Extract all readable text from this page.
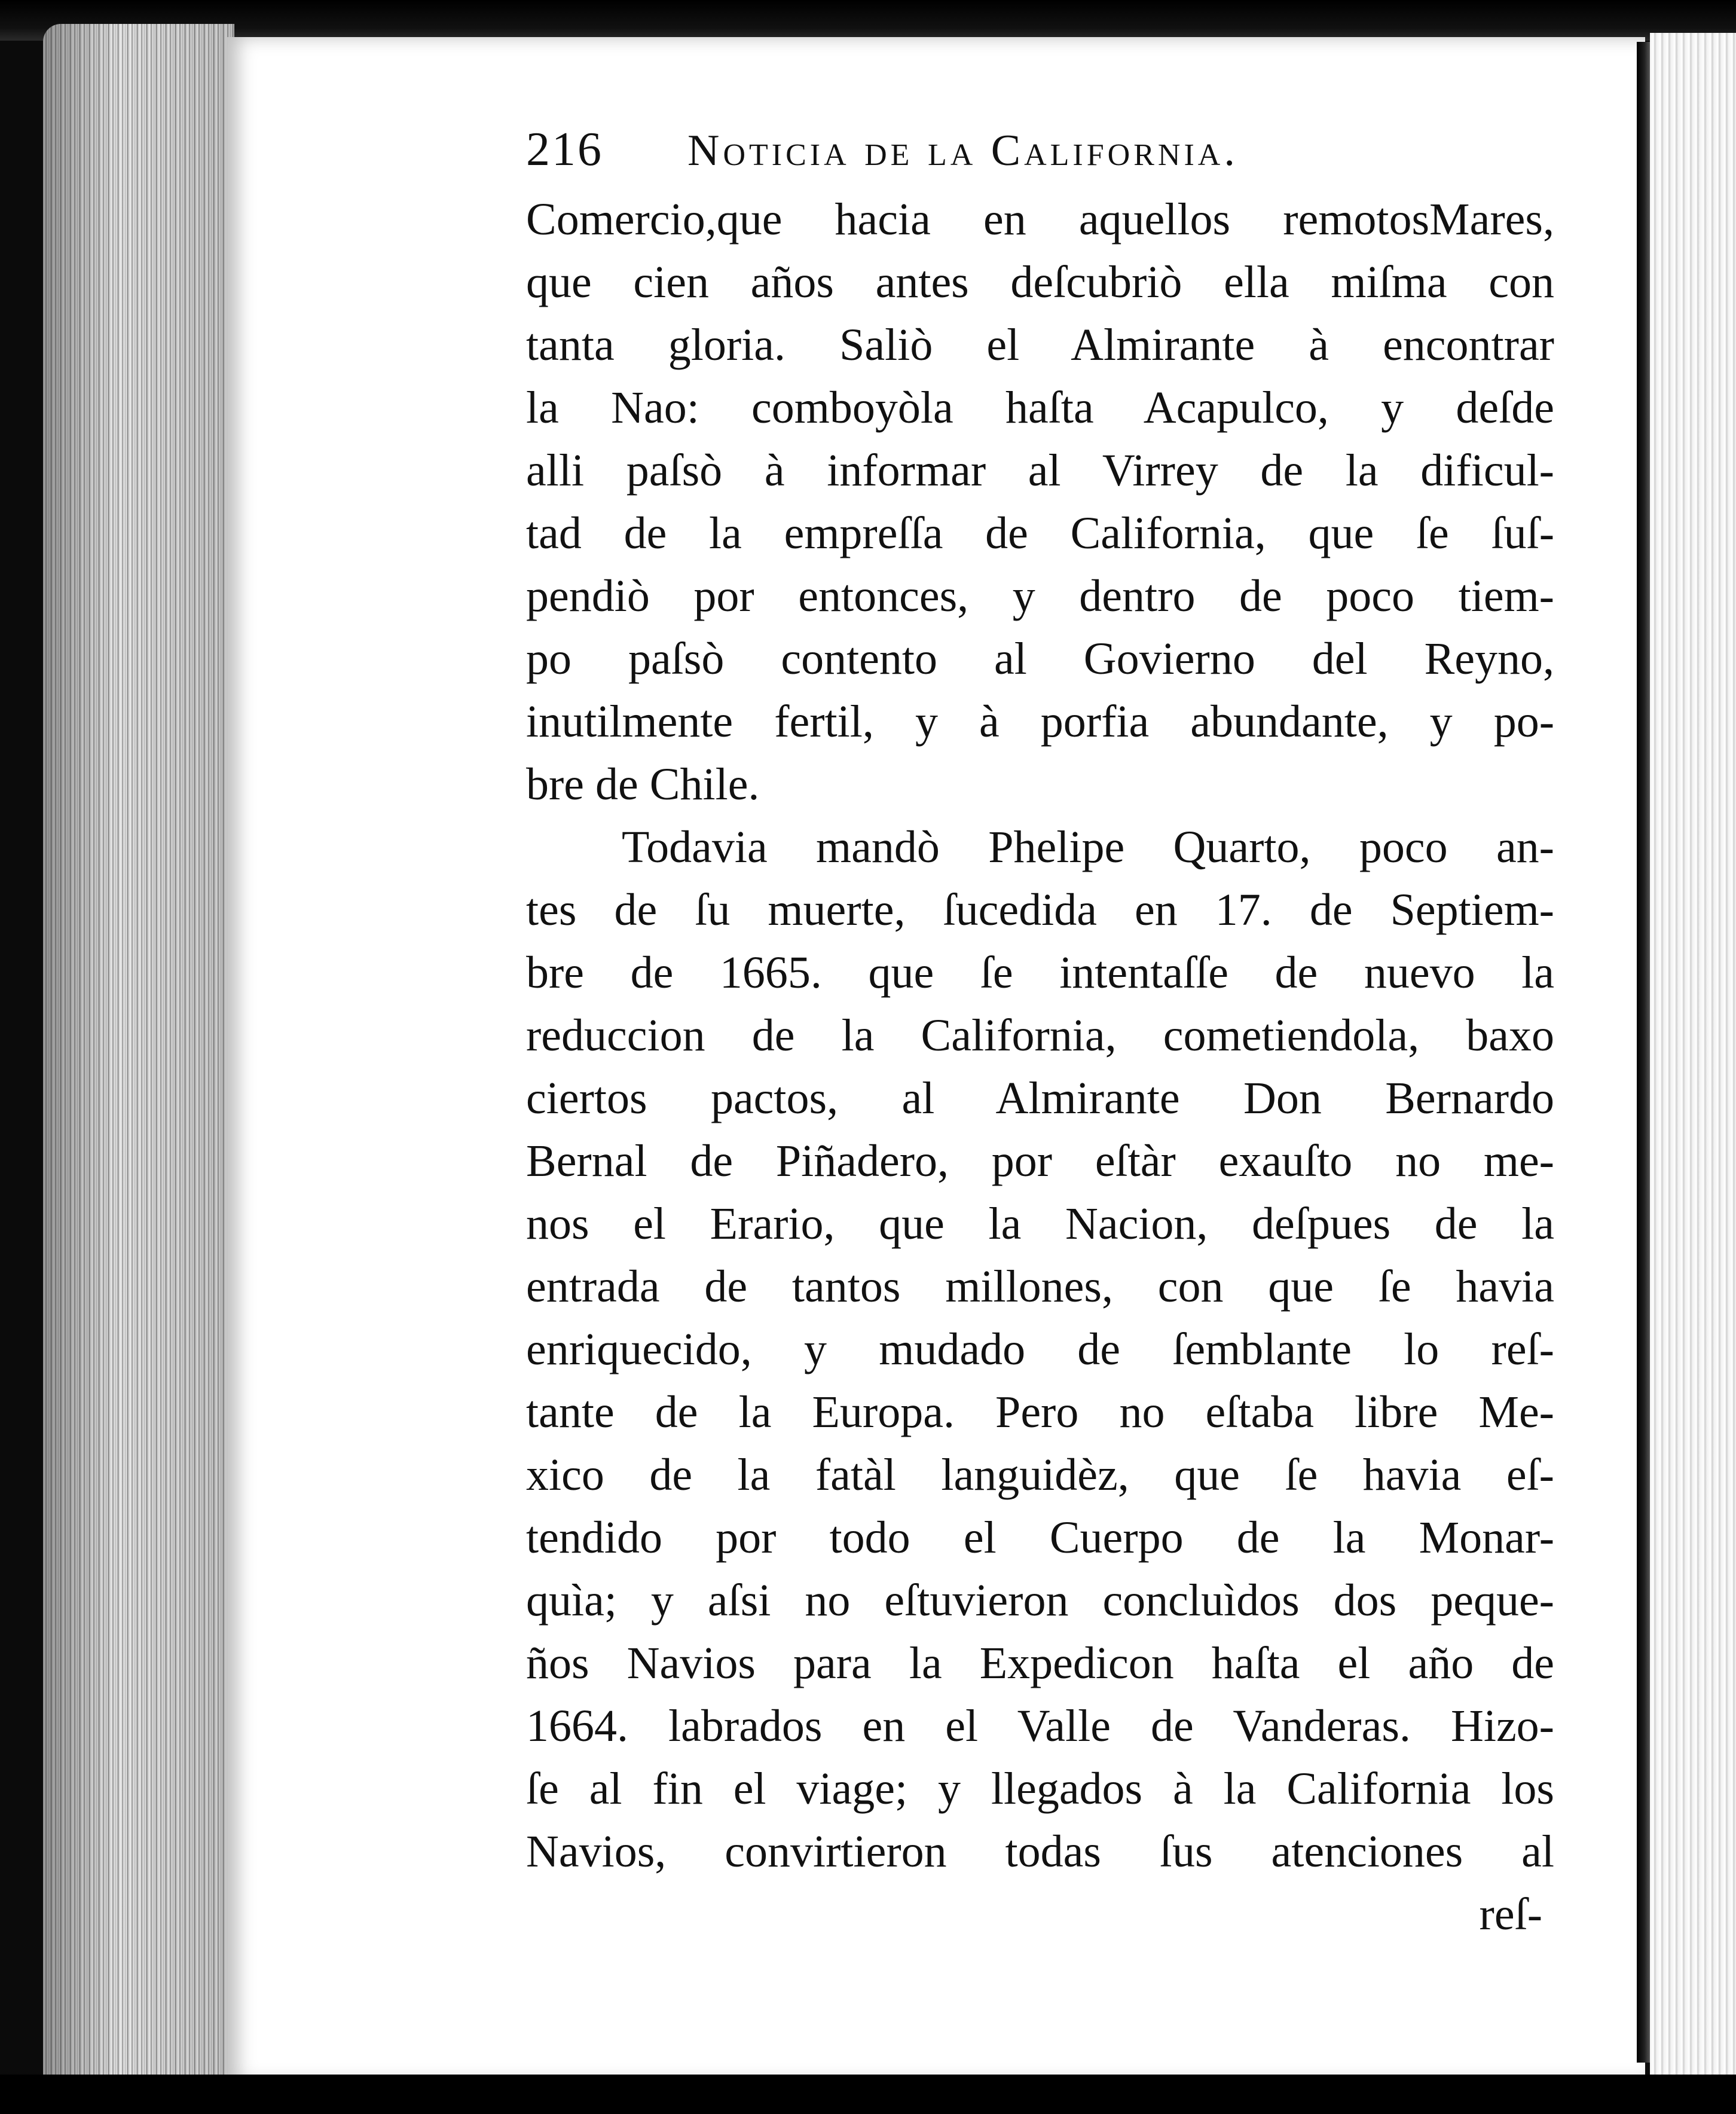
216	Noticia de la California.
Comercio,que hacia en aquellos remotosMares,
que cien años antes deſcubriò ella miſma con
tanta gloria. Saliò el Almirante à encontrar
la Nao: comboyòla haſta Acapulco, y deſde
alli paſsò à informar al Virrey de la dificul-
tad de la empreſſa de California, que ſe ſuſ-
pendiò por entonces, y dentro de poco tiem-
po paſsò contento al Govierno del Reyno,
inutilmente fertil, y à porfia abundante, y po-
bre de Chile.
Todavia mandò Phelipe Quarto, poco an-
tes de ſu muerte, ſucedida en 17. de Septiem-
bre de 1665. que ſe intentaſſe de nuevo la
reduccion de la California, cometiendola, baxo
ciertos pactos, al Almirante Don Bernardo
Bernal de Piñadero, por eſtàr exauſto no me-
nos el Erario, que la Nacion, deſpues de la
entrada de tantos millones, con que ſe havia
enriquecido, y mudado de ſemblante lo reſ-
tante de la Europa. Pero no eſtaba libre Me-
xico de la fatàl languidèz, que ſe havia eſ-
tendido por todo el Cuerpo de la Monar-
quìa; y aſsi no eſtuvieron concluìdos dos peque-
ños Navios para la Expedicon haſta el año de
1664. labrados en el Valle de Vanderas. Hizo-
ſe al fin el viage; y llegados à la California los
Navios, convirtieron todas ſus atenciones al
reſ-
